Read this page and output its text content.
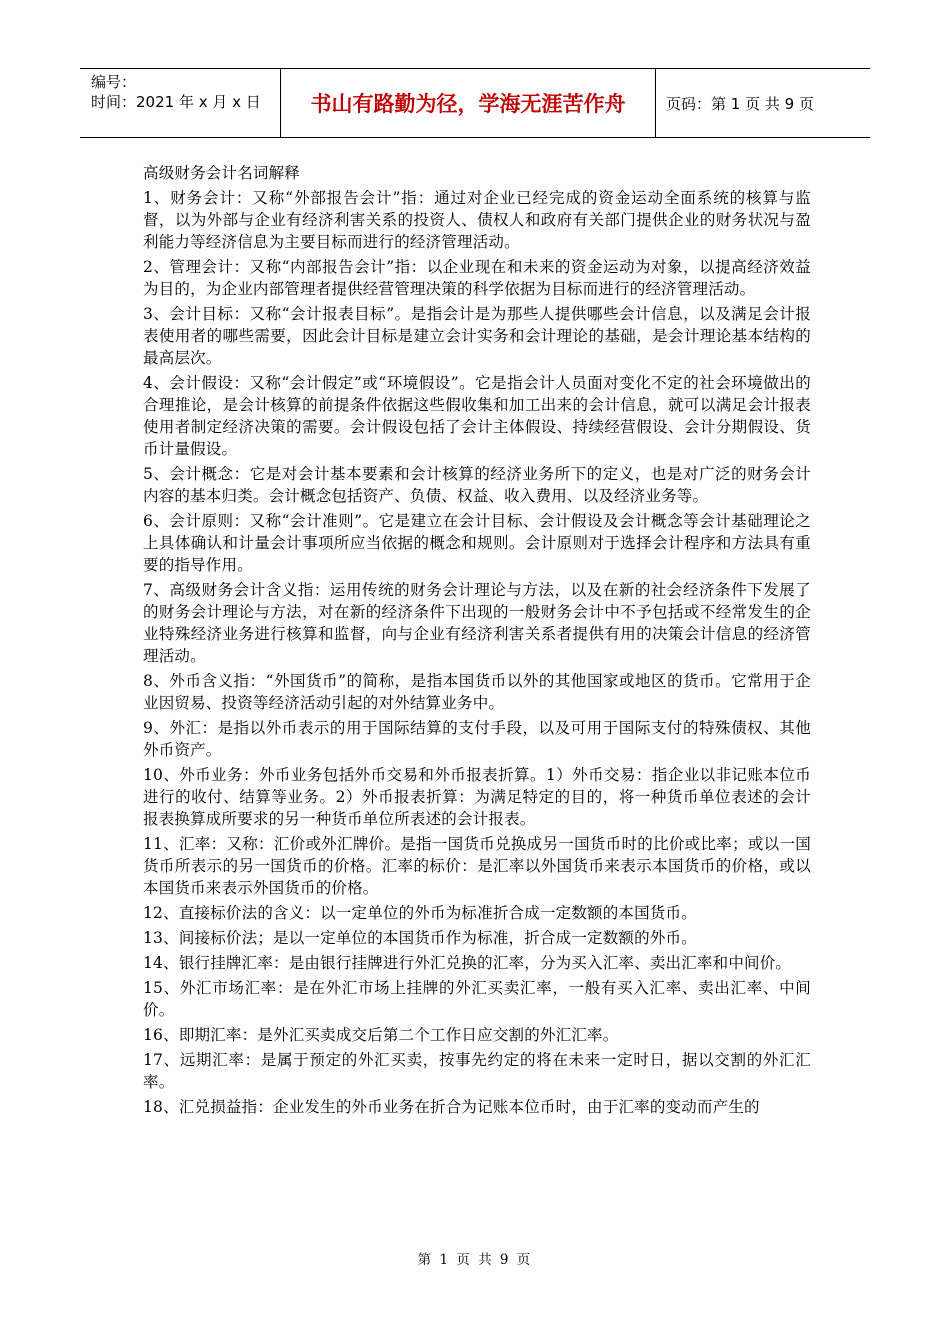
编号：
时间：2021 年 x 月 x 日	书山有路勤为径，学海无涯苦作舟	页码：第 1 页 共 9 页

高级财务会计名词解释

1、财务会计：又称“外部报告会计”指：通过对企业已经完成的资金运动全面系统的核算与监督，以为外部与企业有经济利害关系的投资人、债权人和政府有关部门提供企业的财务状况与盈利能力等经济信息为主要目标而进行的经济管理活动。

2、管理会计：又称“内部报告会计”指：以企业现在和未来的资金运动为对象，以提高经济效益为目的，为企业内部管理者提供经营管理决策的科学依据为目标而进行的经济管理活动。

3、会计目标：又称“会计报表目标”。是指会计是为那些人提供哪些会计信息，以及满足会计报表使用者的哪些需要，因此会计目标是建立会计实务和会计理论的基础，是会计理论基本结构的最高层次。

4、会计假设：又称“会计假定”或“环境假设”。它是指会计人员面对变化不定的社会环境做出的合理推论，是会计核算的前提条件依据这些假收集和加工出来的会计信息，就可以满足会计报表使用者制定经济决策的需要。会计假设包括了会计主体假设、持续经营假设、会计分期假设、货币计量假设。

5、会计概念：它是对会计基本要素和会计核算的经济业务所下的定义，也是对广泛的财务会计内容的基本归类。会计概念包括资产、负债、权益、收入费用、以及经济业务等。

6、会计原则：又称“会计准则”。它是建立在会计目标、会计假设及会计概念等会计基础理论之上具体确认和计量会计事项所应当依据的概念和规则。会计原则对于选择会计程序和方法具有重要的指导作用。

7、高级财务会计含义指：运用传统的财务会计理论与方法，以及在新的社会经济条件下发展了的财务会计理论与方法，对在新的经济条件下出现的一般财务会计中不予包括或不经常发生的企业特殊经济业务进行核算和监督，向与企业有经济利害关系者提供有用的决策会计信息的经济管理活动。

8、外币含义指：“外国货币”的简称，是指本国货币以外的其他国家或地区的货币。它常用于企业因贸易、投资等经济活动引起的对外结算业务中。

9、外汇：是指以外币表示的用于国际结算的支付手段，以及可用于国际支付的特殊债权、其他外币资产。

10、外币业务：外币业务包括外币交易和外币报表折算。1）外币交易：指企业以非记账本位币进行的收付、结算等业务。2）外币报表折算：为满足特定的目的，将一种货币单位表述的会计报表换算成所要求的另一种货币单位所表述的会计报表。

11、汇率：又称：汇价或外汇牌价。是指一国货币兑换成另一国货币时的比价或比率；或以一国货币所表示的另一国货币的价格。汇率的标价：是汇率以外国货币来表示本国货币的价格，或以本国货币来表示外国货币的价格。

12、直接标价法的含义：以一定单位的外币为标准折合成一定数额的本国货币。

13、间接标价法；是以一定单位的本国货币作为标准，折合成一定数额的外币。

14、银行挂牌汇率：是由银行挂牌进行外汇兑换的汇率，分为买入汇率、卖出汇率和中间价。

15、外汇市场汇率：是在外汇市场上挂牌的外汇买卖汇率，一般有买入汇率、卖出汇率、中间价。

16、即期汇率：是外汇买卖成交后第二个工作日应交割的外汇汇率。

17、远期汇率：是属于预定的外汇买卖，按事先约定的将在未来一定时日，据以交割的外汇汇率。

18、汇兑损益指：企业发生的外币业务在折合为记账本位币时，由于汇率的变动而产生的

第 1 页 共 9 页
